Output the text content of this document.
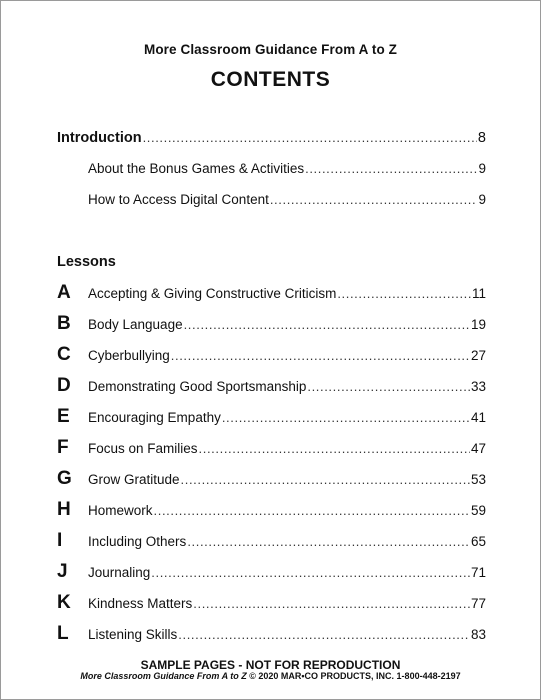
More Classroom Guidance From A to Z
CONTENTS
Introduction .....	8
About the Bonus Games & Activities .....	9
How to Access Digital Content .....	9
Lessons
A	Accepting & Giving Constructive Criticism .....	11
B	Body Language .....	19
C	Cyberbullying .....	27
D	Demonstrating Good Sportsmanship .....	33
E	Encouraging Empathy .....	41
F	Focus on Families .....	47
G	Grow Gratitude .....	53
H	Homework .....	59
I	Including Others .....	65
J	Journaling .....	71
K	Kindness Matters .....	77
L	Listening Skills .....	83
SAMPLE PAGES - NOT FOR REPRODUCTION
More Classroom Guidance From A to Z © 2020 MAR•CO PRODUCTS, INC. 1-800-448-2197
